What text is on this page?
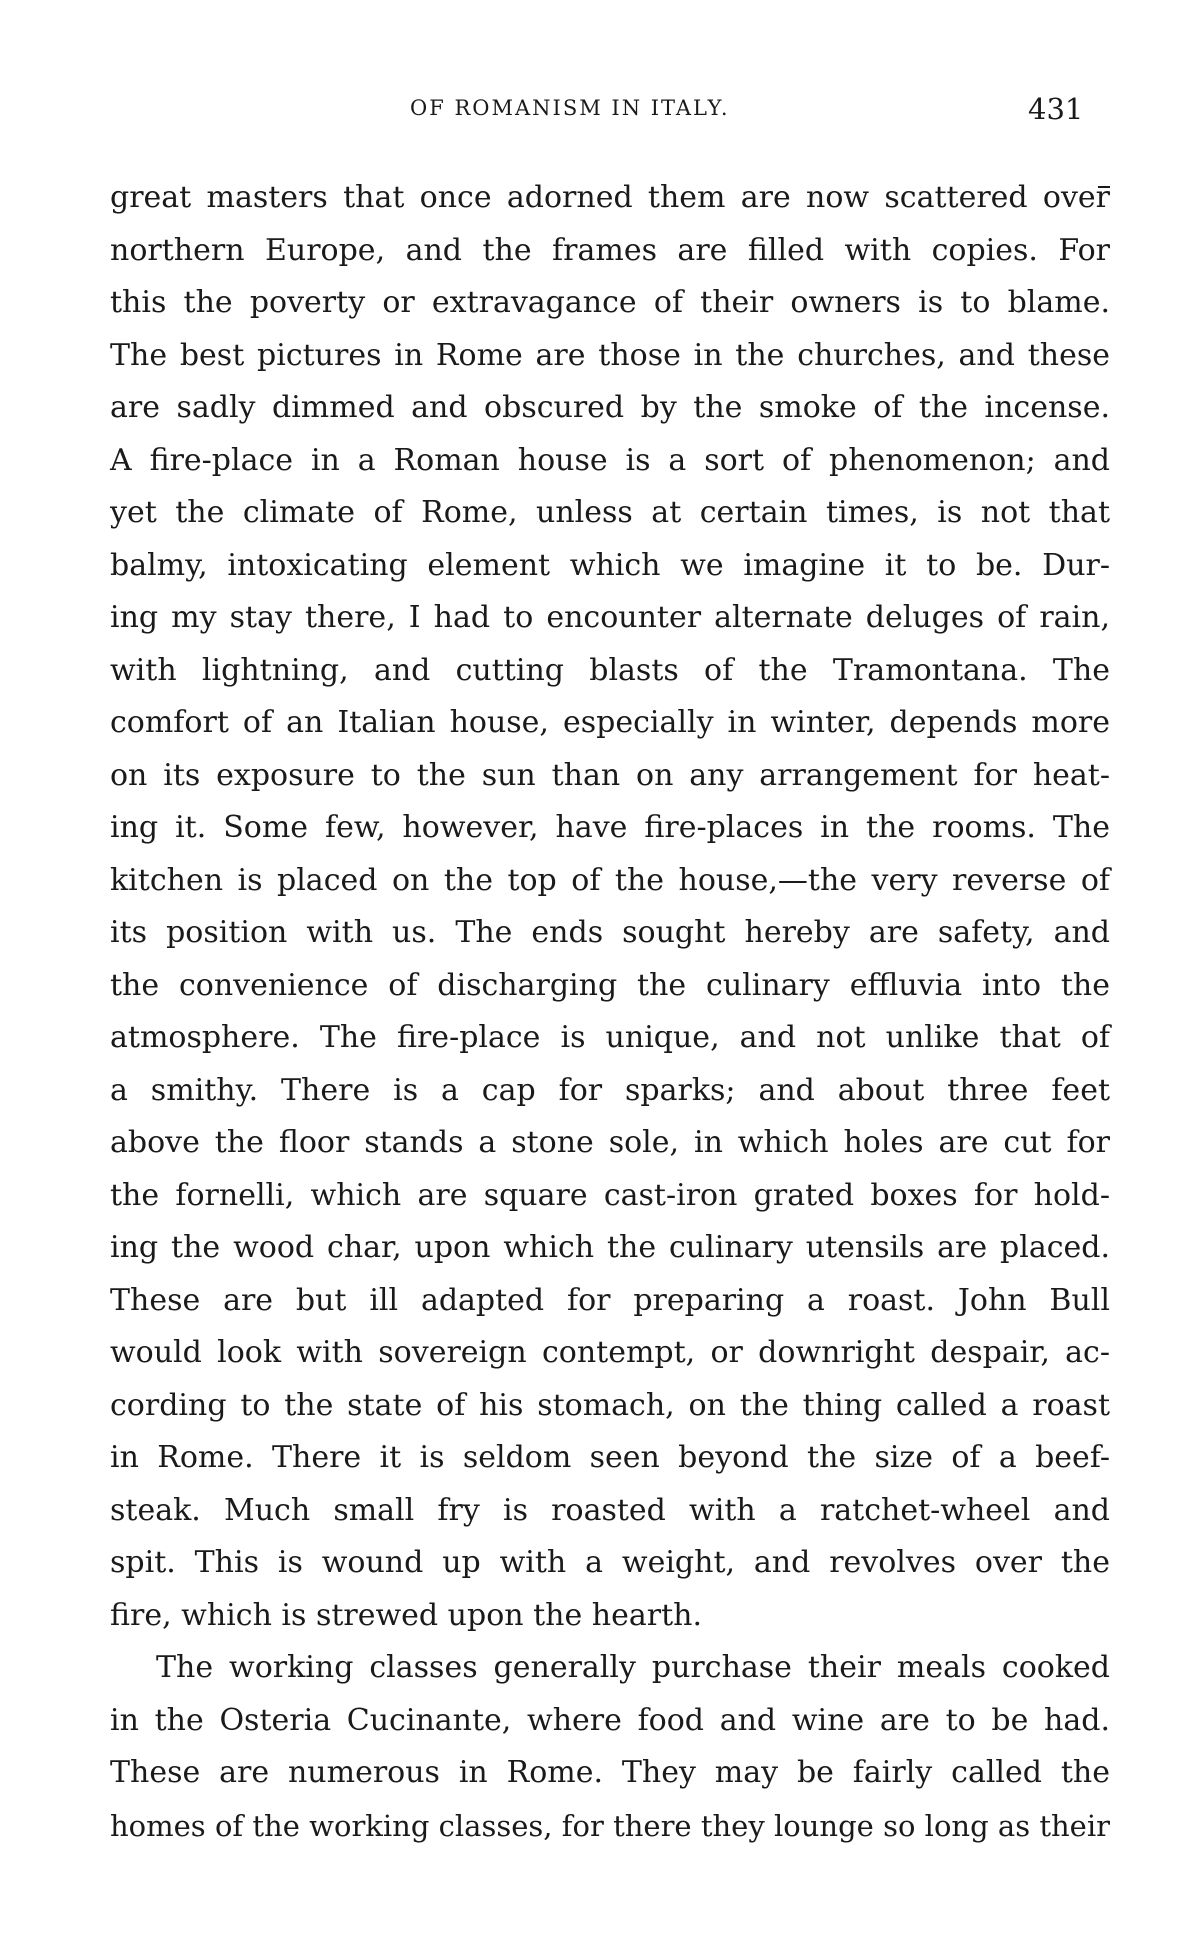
OF ROMANISM IN ITALY.	431
great masters that once adorned them are now scattered over
northern Europe, and the frames are filled with copies. For
this the poverty or extravagance of their owners is to blame.
The best pictures in Rome are those in the churches, and these
are sadly dimmed and obscured by the smoke of the incense.
A fire-place in a Roman house is a sort of phenomenon; and
yet the climate of Rome, unless at certain times, is not that
balmy, intoxicating element which we imagine it to be. Dur-
ing my stay there, I had to encounter alternate deluges of rain,
with lightning, and cutting blasts of the Tramontana. The
comfort of an Italian house, especially in winter, depends more
on its exposure to the sun than on any arrangement for heat-
ing it. Some few, however, have fire-places in the rooms. The
kitchen is placed on the top of the house,—the very reverse of
its position with us. The ends sought hereby are safety, and
the convenience of discharging the culinary effluvia into the
atmosphere. The fire-place is unique, and not unlike that of
a smithy. There is a cap for sparks; and about three feet
above the floor stands a stone sole, in which holes are cut for
the fornelli, which are square cast-iron grated boxes for hold-
ing the wood char, upon which the culinary utensils are placed.
These are but ill adapted for preparing a roast. John Bull
would look with sovereign contempt, or downright despair, ac-
cording to the state of his stomach, on the thing called a roast
in Rome. There it is seldom seen beyond the size of a beef-
steak. Much small fry is roasted with a ratchet-wheel and
spit. This is wound up with a weight, and revolves over the
fire, which is strewed upon the hearth.
The working classes generally purchase their meals cooked
in the Osteria Cucinante, where food and wine are to be had.
These are numerous in Rome. They may be fairly called the
homes of the working classes, for there they lounge so long as their
